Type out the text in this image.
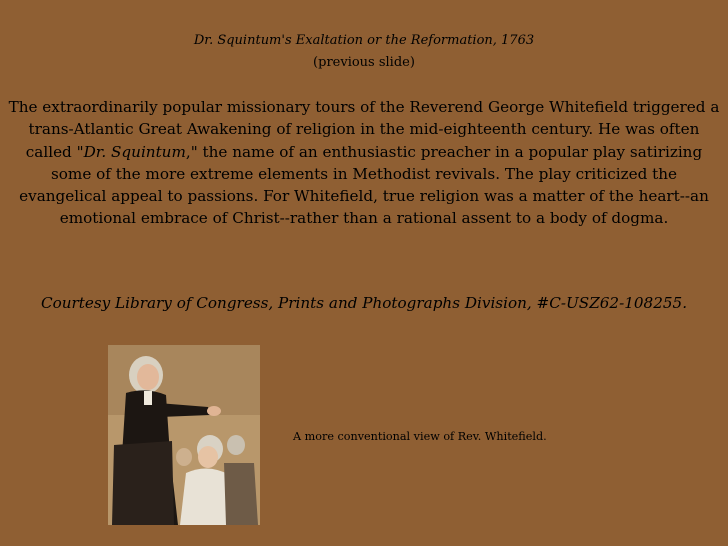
Dr. Squintum's Exaltation or the Reformation, 1763
(previous slide)
The extraordinarily popular missionary tours of the Reverend George Whitefield triggered a trans-Atlantic Great Awakening of religion in the mid-eighteenth century. He was often called "Dr. Squintum," the name of an enthusiastic preacher in a popular play satirizing some of the more extreme elements in Methodist revivals. The play criticized the evangelical appeal to passions. For Whitefield, true religion was a matter of the heart--an emotional embrace of Christ--rather than a rational assent to a body of dogma.
Courtesy Library of Congress, Prints and Photographs Division, #C-USZ62-108255.
A more conventional view of Rev. Whitefield.
